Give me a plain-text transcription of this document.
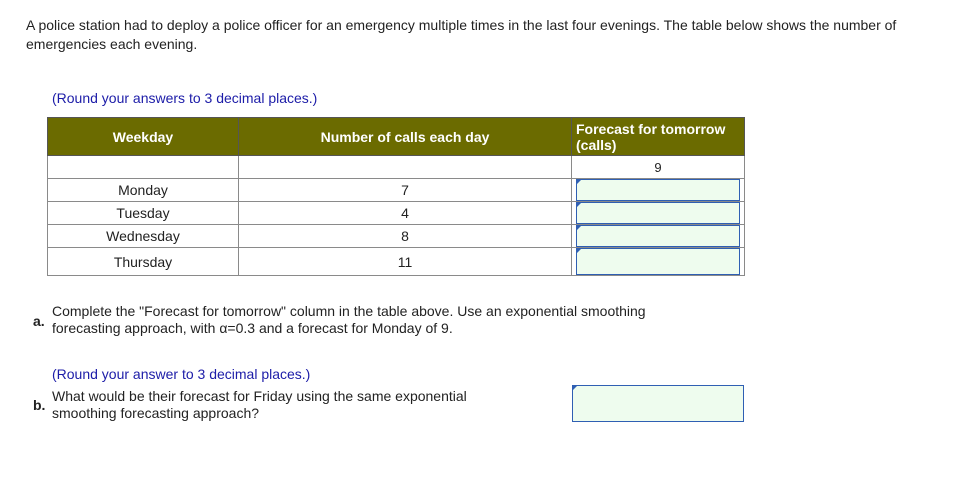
A police station had to deploy a police officer for an emergency multiple times in the last four evenings. The table below shows the number of emergencies each evening.
(Round your answers to 3 decimal places.)
Weekday	Number of calls each day	Forecast for tomorrow (calls)
		9
Monday	7	

Tuesday	4	

Wednesday	8	

Thursday	11	
a.
Complete the "Forecast for tomorrow" column in the table above. Use an exponential smoothing forecasting approach, with α=0.3 and a forecast for Monday of 9.
(Round your answer to 3 decimal places.)
b.
What would be their forecast for Friday using the same exponential smoothing forecasting approach?
